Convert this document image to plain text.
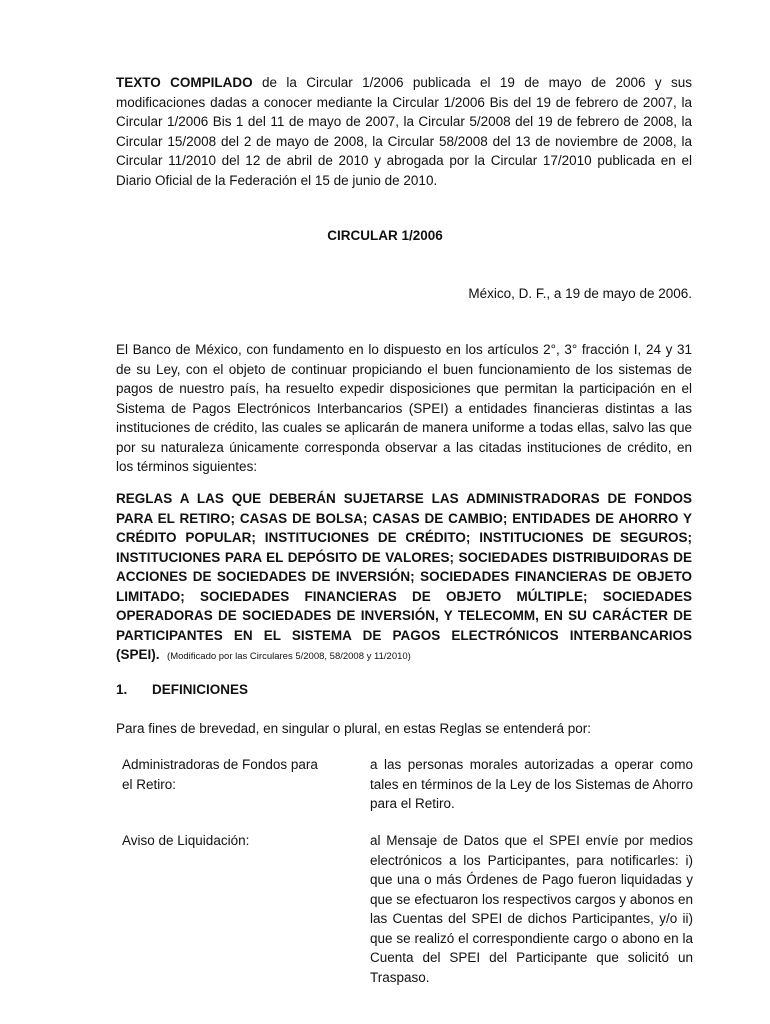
TEXTO COMPILADO de la Circular 1/2006 publicada el 19 de mayo de 2006 y sus modificaciones dadas a conocer mediante la Circular 1/2006 Bis del 19 de febrero de 2007, la Circular 1/2006 Bis 1 del 11 de mayo de 2007, la Circular 5/2008 del 19 de febrero de 2008, la Circular 15/2008 del 2 de mayo de 2008, la Circular 58/2008 del 13 de noviembre de 2008, la Circular 11/2010 del 12 de abril de 2010 y abrogada por la Circular 17/2010 publicada en el Diario Oficial de la Federación el 15 de junio de 2010.
CIRCULAR 1/2006
México, D. F., a 19 de mayo de 2006.
El Banco de México, con fundamento en lo dispuesto en los artículos 2°, 3° fracción I, 24 y 31 de su Ley, con el objeto de continuar propiciando el buen funcionamiento de los sistemas de pagos de nuestro país, ha resuelto expedir disposiciones que permitan la participación en el Sistema de Pagos Electrónicos Interbancarios (SPEI) a entidades financieras distintas a las instituciones de crédito, las cuales se aplicarán de manera uniforme a todas ellas, salvo las que por su naturaleza únicamente corresponda observar a las citadas instituciones de crédito, en los términos siguientes:
REGLAS A LAS QUE DEBERÁN SUJETARSE LAS ADMINISTRADORAS DE FONDOS PARA EL RETIRO; CASAS DE BOLSA; CASAS DE CAMBIO; ENTIDADES DE AHORRO Y CRÉDITO POPULAR; INSTITUCIONES DE CRÉDITO; INSTITUCIONES DE SEGUROS; INSTITUCIONES PARA EL DEPÓSITO DE VALORES; SOCIEDADES DISTRIBUIDORAS DE ACCIONES DE SOCIEDADES DE INVERSIÓN; SOCIEDADES FINANCIERAS DE OBJETO LIMITADO; SOCIEDADES FINANCIERAS DE OBJETO MÚLTIPLE; SOCIEDADES OPERADORAS DE SOCIEDADES DE INVERSIÓN, Y TELECOMM, EN SU CARÁCTER DE PARTICIPANTES EN EL SISTEMA DE PAGOS ELECTRÓNICOS INTERBANCARIOS (SPEI). (Modificado por las Circulares 5/2008, 58/2008 y 11/2010)
1. DEFINICIONES
Para fines de brevedad, en singular o plural, en estas Reglas se entenderá por:
Administradoras de Fondos para el Retiro:
a las personas morales autorizadas a operar como tales en términos de la Ley de los Sistemas de Ahorro para el Retiro.
Aviso de Liquidación:	al Mensaje de Datos que el SPEI envíe por medios electrónicos a los Participantes, para notificarles: i) que una o más Órdenes de Pago fueron liquidadas y que se efectuaron los respectivos cargos y abonos en las Cuentas del SPEI de dichos Participantes, y/o ii) que se realizó el correspondiente cargo o abono en la Cuenta del SPEI del Participante que solicitó un Traspaso.
